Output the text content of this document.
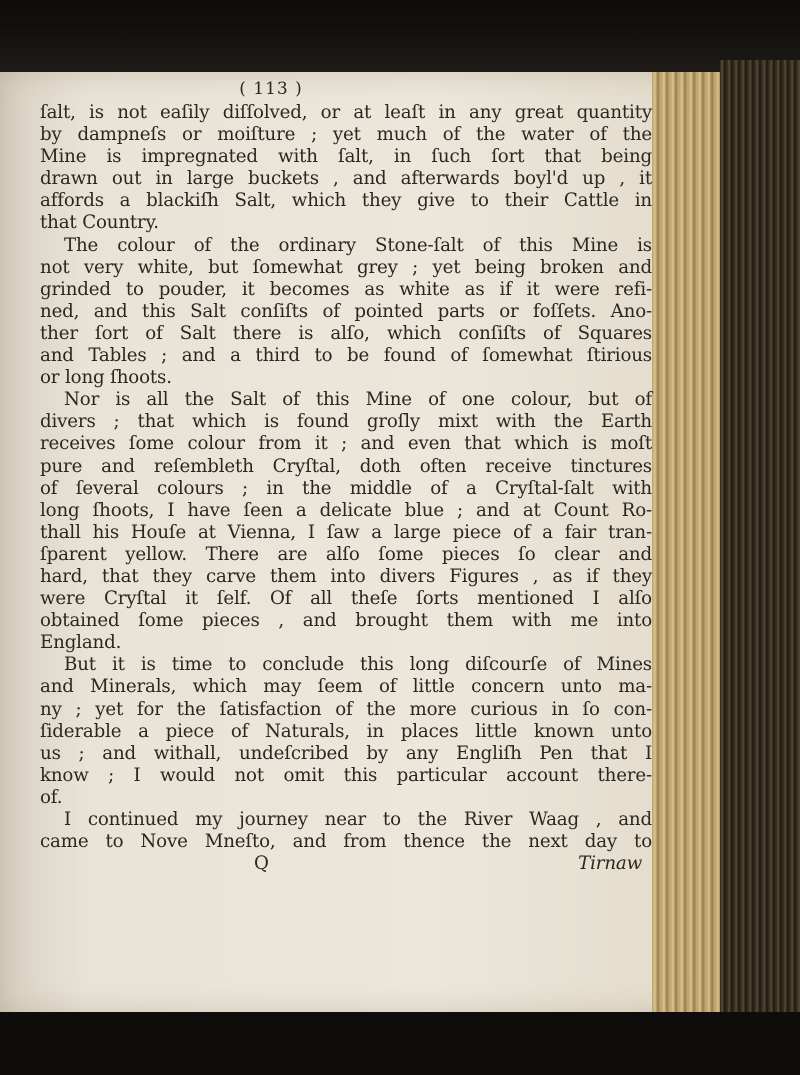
( 113 )
ſalt, is not eaſily diſſolved, or at leaſt in any great quantity
by dampneſs or moiſture ; yet much of the water of the
Mine is impregnated with ſalt, in ſuch ſort that being
drawn out in large buckets , and afterwards boyl'd up , it
affords a blackiſh Salt, which they give to their Cattle in
that Country.
The colour of the ordinary Stone-ſalt of this Mine is
not very white, but ſomewhat grey ; yet being broken and
grinded to pouder, it becomes as white as if it were refi-
ned, and this Salt conſiſts of pointed parts or foſſets. Ano-
ther ſort of Salt there is alſo, which conſiſts of Squares
and Tables ; and a third to be found of ſomewhat ſtirious
or long ſhoots.
Nor is all the Salt of this Mine of one colour, but of
divers ; that which is found groſly mixt with the Earth
receives ſome colour from it ; and even that which is moſt
pure and reſembleth Cryſtal, doth often receive tinctures
of ſeveral colours ; in the middle of a Cryſtal-ſalt with
long ſhoots, I have ſeen a delicate blue ; and at Count Ro-
thall his Houſe at Vienna, I ſaw a large piece of a fair tran-
ſparent yellow. There are alſo ſome pieces ſo clear and
hard, that they carve them into divers Figures , as if they
were Cryſtal it ſelf. Of all theſe ſorts mentioned I alſo
obtained ſome pieces , and brought them with me into
England.
But it is time to conclude this long diſcourſe of Mines
and Minerals, which may ſeem of little concern unto ma-
ny ; yet for the ſatisfaction of the more curious in ſo con-
ſiderable a piece of Naturals, in places little known unto
us ; and withall, undeſcribed by any Engliſh Pen that I
know ; I would not omit this particular account there-
of.
I continued my journey near to the River Waag , and
came to Nove Mneſto, and from thence the next day to
Q	Tirnaw
